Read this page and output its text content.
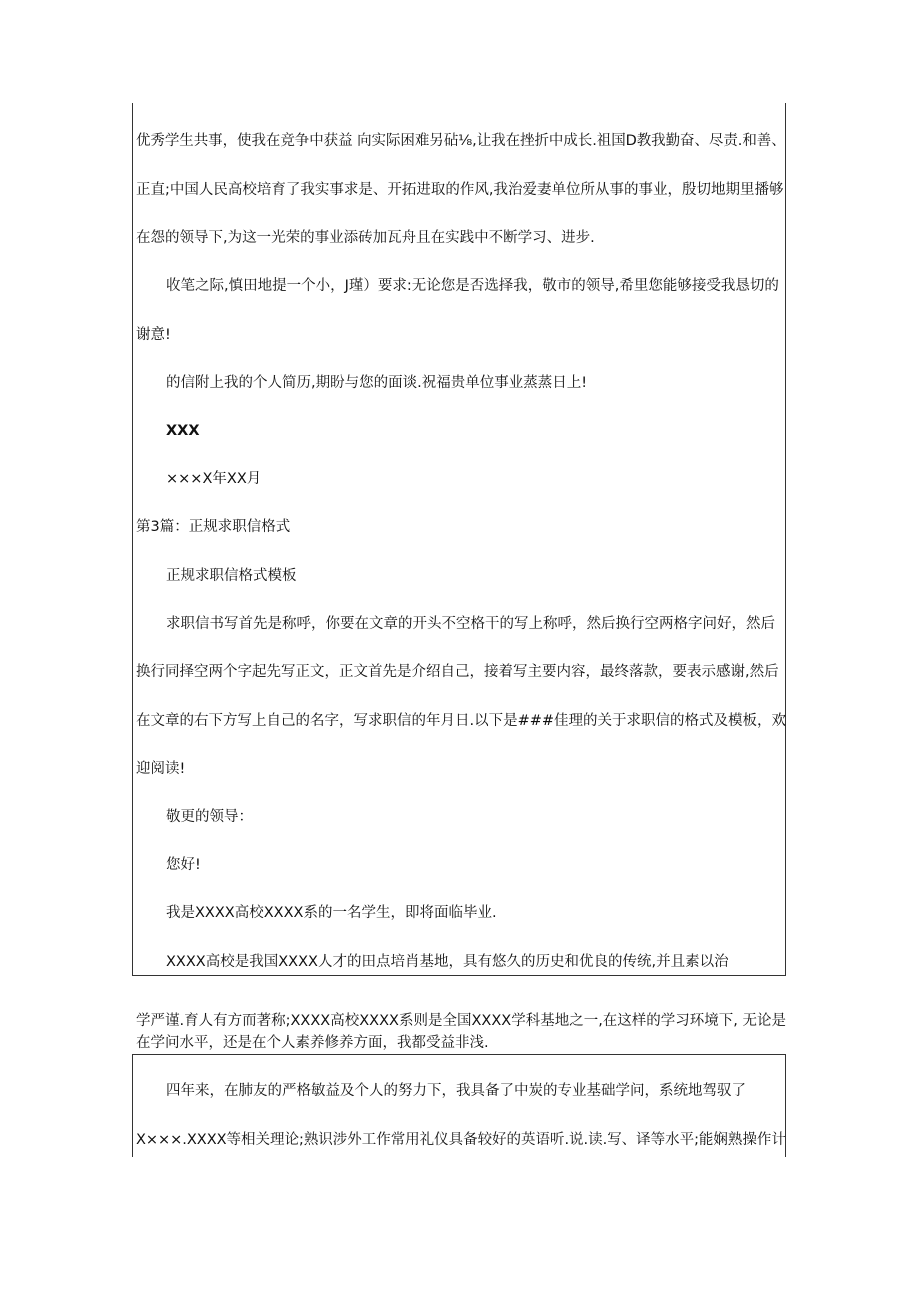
优秀学生共事，使我在竞争中获益 向实际困难另砧⅛,让我在挫折中成长.祖国D教我勤奋、尽责.和善、
正直;中国人民高校培育了我实事求是、开拓进取的作风,我治爱妻单位所从事的事业，殷切地期里播够
在怨的领导下,为这一光荣的事业添砖加瓦舟且在实践中不断学习、进步.
收笔之际,慎田地提一个小，J瑾）要求:无论您是否选择我，敬市的领导,希里您能够接受我恳切的
谢意!
的信附上我的个人简历,期盼与您的面谈.祝福贵单位事业蒸蒸日上!
XXX
×××X年XX月
第3篇：正规求职信格式
正规求职信格式模板
求职信书写首先是称呼，你要在文章的开头不空格干的写上称呼，然后换行空两格字问好，然后
换行同择空两个字起先写正文，正文首先是介绍自己，接着写主要内容，最终落款，要表示感谢,然后
在文章的右下方写上自己的名字，写求职信的年月日.以下是###佳理的关于求职信的格式及模板，欢
迎阅读!
敬更的领导：
您好!
我是XXXX高校XXXX系的一名学生，即将面临毕业.
XXXX高校是我国XXXX人才的田点培肖基地，具有悠久的历史和优良的传统,并且素以治
学严谨.育人有方而著称;XXXX高校XXXX系则是全国XXXX学科基地之一,在这样的学习环境下, 无论是
在学问水平，还是在个人素养修养方面，我都受益非浅.
四年来，在肺友的严格敏益及个人的努力下，我具备了中炭的专业基础学问，系统地驾驭了
X×××.XXXX等相关理论;熟识涉外工作常用礼仪具备较好的英语听.说.读.写、译等水平;能娴熟操作计
